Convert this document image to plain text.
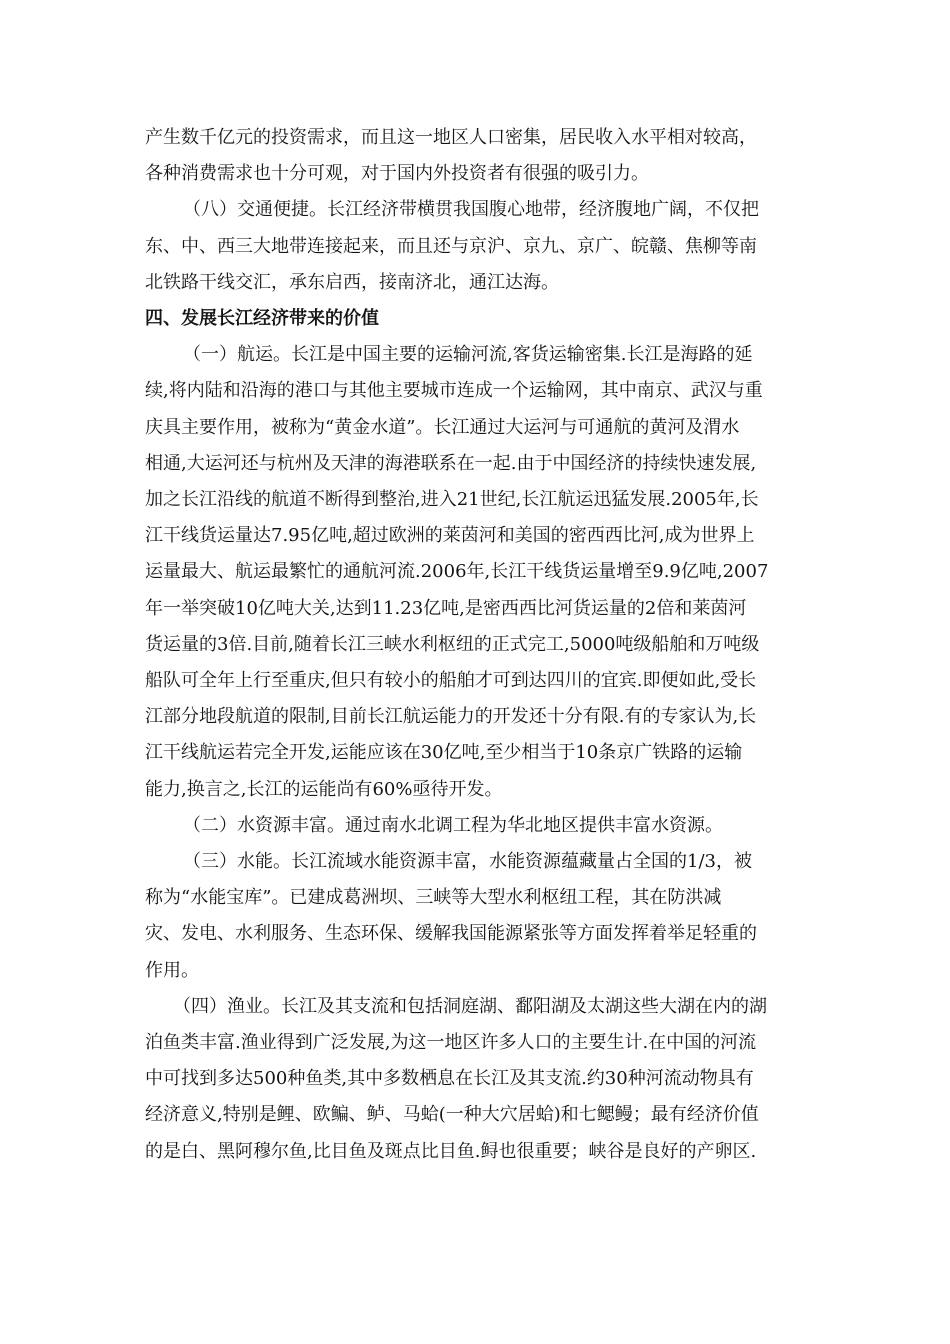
产生数千亿元的投资需求，而且这一地区人口密集，居民收入水平相对较高，
各种消费需求也十分可观，对于国内外投资者有很强的吸引力。

（八）交通便捷。长江经济带横贯我国腹心地带，经济腹地广阔，不仅把
东、中、西三大地带连接起来，而且还与京沪、京九、京广、皖赣、焦柳等南
北铁路干线交汇，承东启西，接南济北，通江达海。

四、发展长江经济带来的价值

（一）航运。长江是中国主要的运输河流,客货运输密集.长江是海路的延
续,将内陆和沿海的港口与其他主要城市连成一个运输网，其中南京、武汉与重
庆具主要作用，被称为“黄金水道”。长江通过大运河与可通航的黄河及渭水
相通,大运河还与杭州及天津的海港联系在一起.由于中国经济的持续快速发展,
加之长江沿线的航道不断得到整治,进入21世纪,长江航运迅猛发展.2005年,长
江干线货运量达7.95亿吨,超过欧洲的莱茵河和美国的密西西比河,成为世界上
运量最大、航运最繁忙的通航河流.2006年,长江干线货运量增至9.9亿吨,2007
年一举突破10亿吨大关,达到11.23亿吨,是密西西比河货运量的2倍和莱茵河
货运量的3倍.目前,随着长江三峡水利枢纽的正式完工,5000吨级船舶和万吨级
船队可全年上行至重庆,但只有较小的船舶才可到达四川的宜宾.即便如此,受长
江部分地段航道的限制,目前长江航运能力的开发还十分有限.有的专家认为,长
江干线航运若完全开发,运能应该在30亿吨,至少相当于10条京广铁路的运输
能力,换言之,长江的运能尚有60%亟待开发。

（二）水资源丰富。通过南水北调工程为华北地区提供丰富水资源。

（三）水能。长江流域水能资源丰富，水能资源蕴藏量占全国的1/3，被
称为“水能宝库”。已建成葛洲坝、三峡等大型水利枢纽工程，其在防洪减
灾、发电、水利服务、生态环保、缓解我国能源紧张等方面发挥着举足轻重的
作用。

（四）渔业。长江及其支流和包括洞庭湖、鄱阳湖及太湖这些大湖在内的湖
泊鱼类丰富.渔业得到广泛发展,为这一地区许多人口的主要生计.在中国的河流
中可找到多达500种鱼类,其中多数栖息在长江及其支流.约30种河流动物具有
经济意义,特别是鲤、欧鳊、鲈、马蛤(一种大穴居蛤)和七鳃鳗；最有经济价值
的是白、黑阿穆尔鱼,比目鱼及斑点比目鱼.鲟也很重要；峡谷是良好的产卵区.
